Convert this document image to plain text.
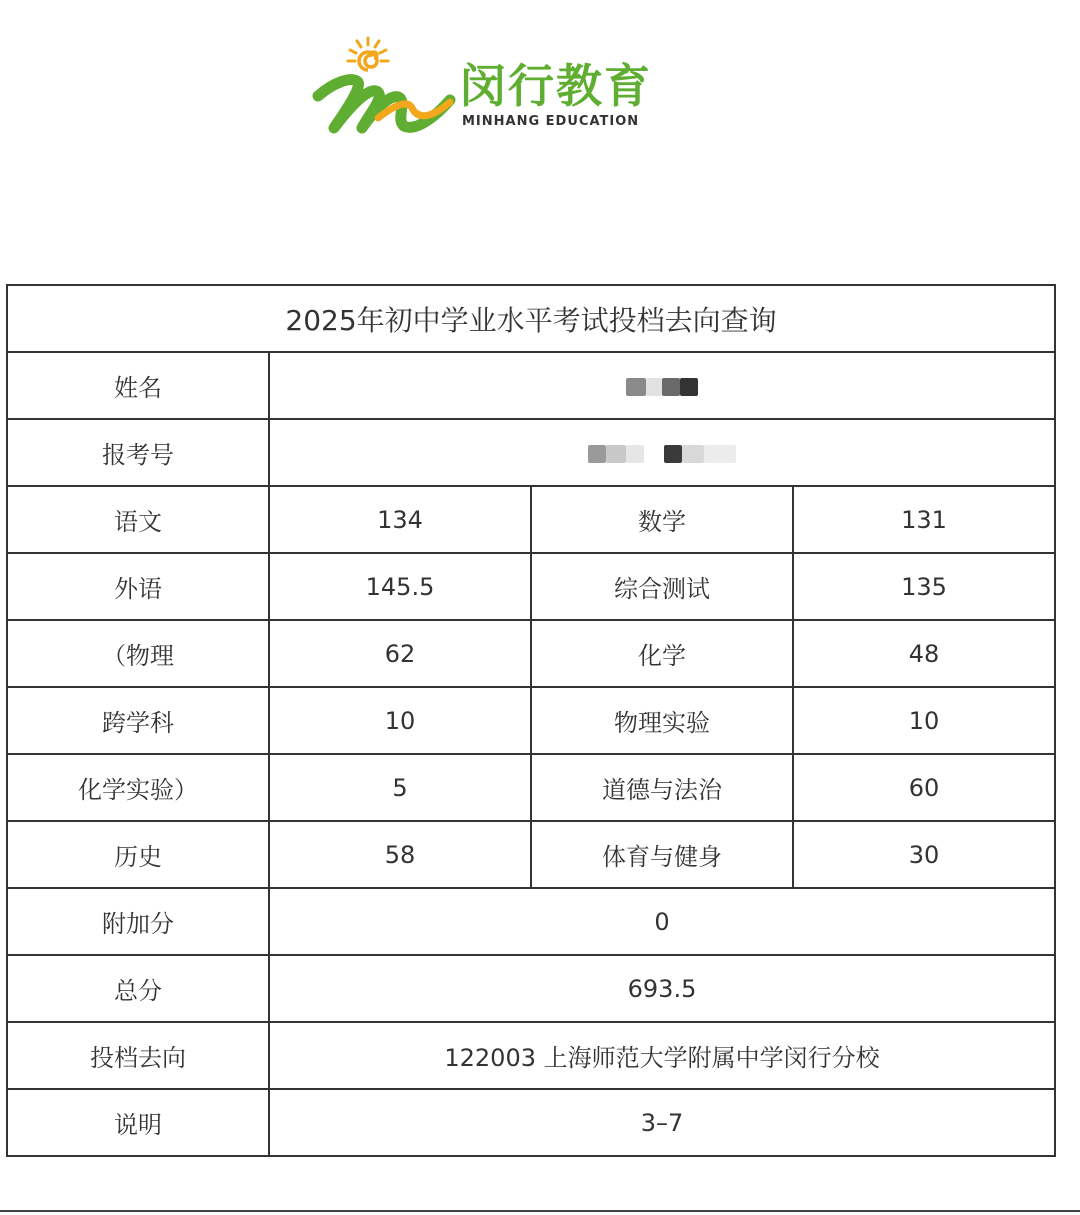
闵行教育
MINHANG EDUCATION
2025年初中学业水平考试投档去向查询			
姓名			
报考号			
语文	134	数学	131
外语	145.5	综合测试	135
（物理	62	化学	48
跨学科	10	物理实验	10
化学实验）	5	道德与法治	60
历史	58	体育与健身	30
附加分	0		
总分	693.5		
投档去向	122003 上海师范大学附属中学闵行分校		
说明	3–7		
